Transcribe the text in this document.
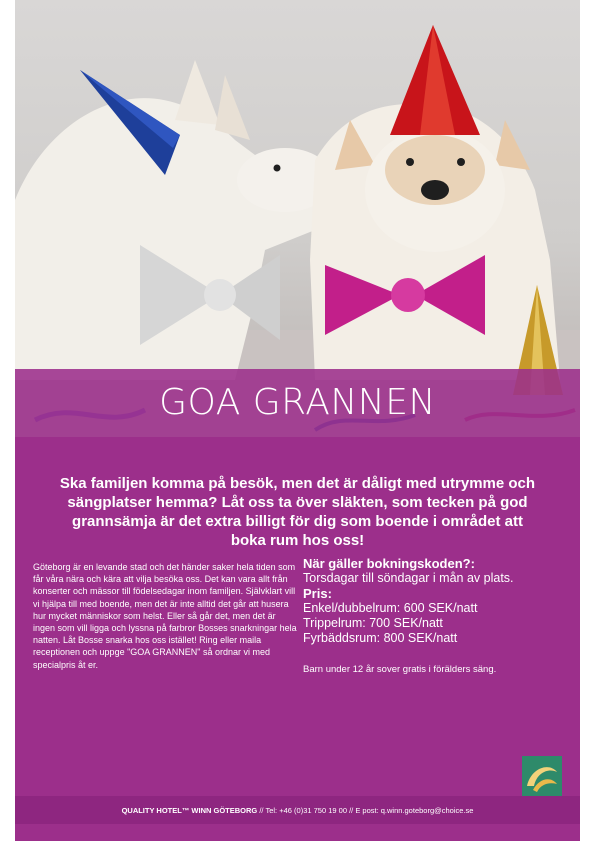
GOA GRANNEN
Ska familjen komma på besök, men det är dåligt med utrymme och sängplatser hemma? Låt oss ta över släkten, som tecken på god grannsämja är det extra billigt för dig som boende i området att boka rum hos oss!
Göteborg är en levande stad och det händer saker hela tiden som får våra nära och kära att vilja besöka oss. Det kan vara allt från konserter och mässor till födelsedagar inom familjen. Självklart vill vi hjälpa till med boende, men det är inte alltid det går att husera hur mycket människor som helst. Eller så går det, men det är ingen som vill ligga och lyssna på farbror Bosses snarkningar hela natten. Låt Bosse snarka hos oss istället! Ring eller maila receptionen och uppge "GOA GRANNEN" så ordnar vi med specialpris åt er.
När gäller bokningskoden?:
Torsdagar till söndagar i mån av plats.
Pris:
Enkel/dubbelrum: 600 SEK/natt
Trippelrum: 700 SEK/natt
Fyrbäddsrum: 800 SEK/natt
Barn under 12 år sover gratis i förälders säng.
QUALITY HOTEL™ WINN GÖTEBORG // Tel: +46 (0)31 750 19 00 // E post: q.winn.goteborg@choice.se
